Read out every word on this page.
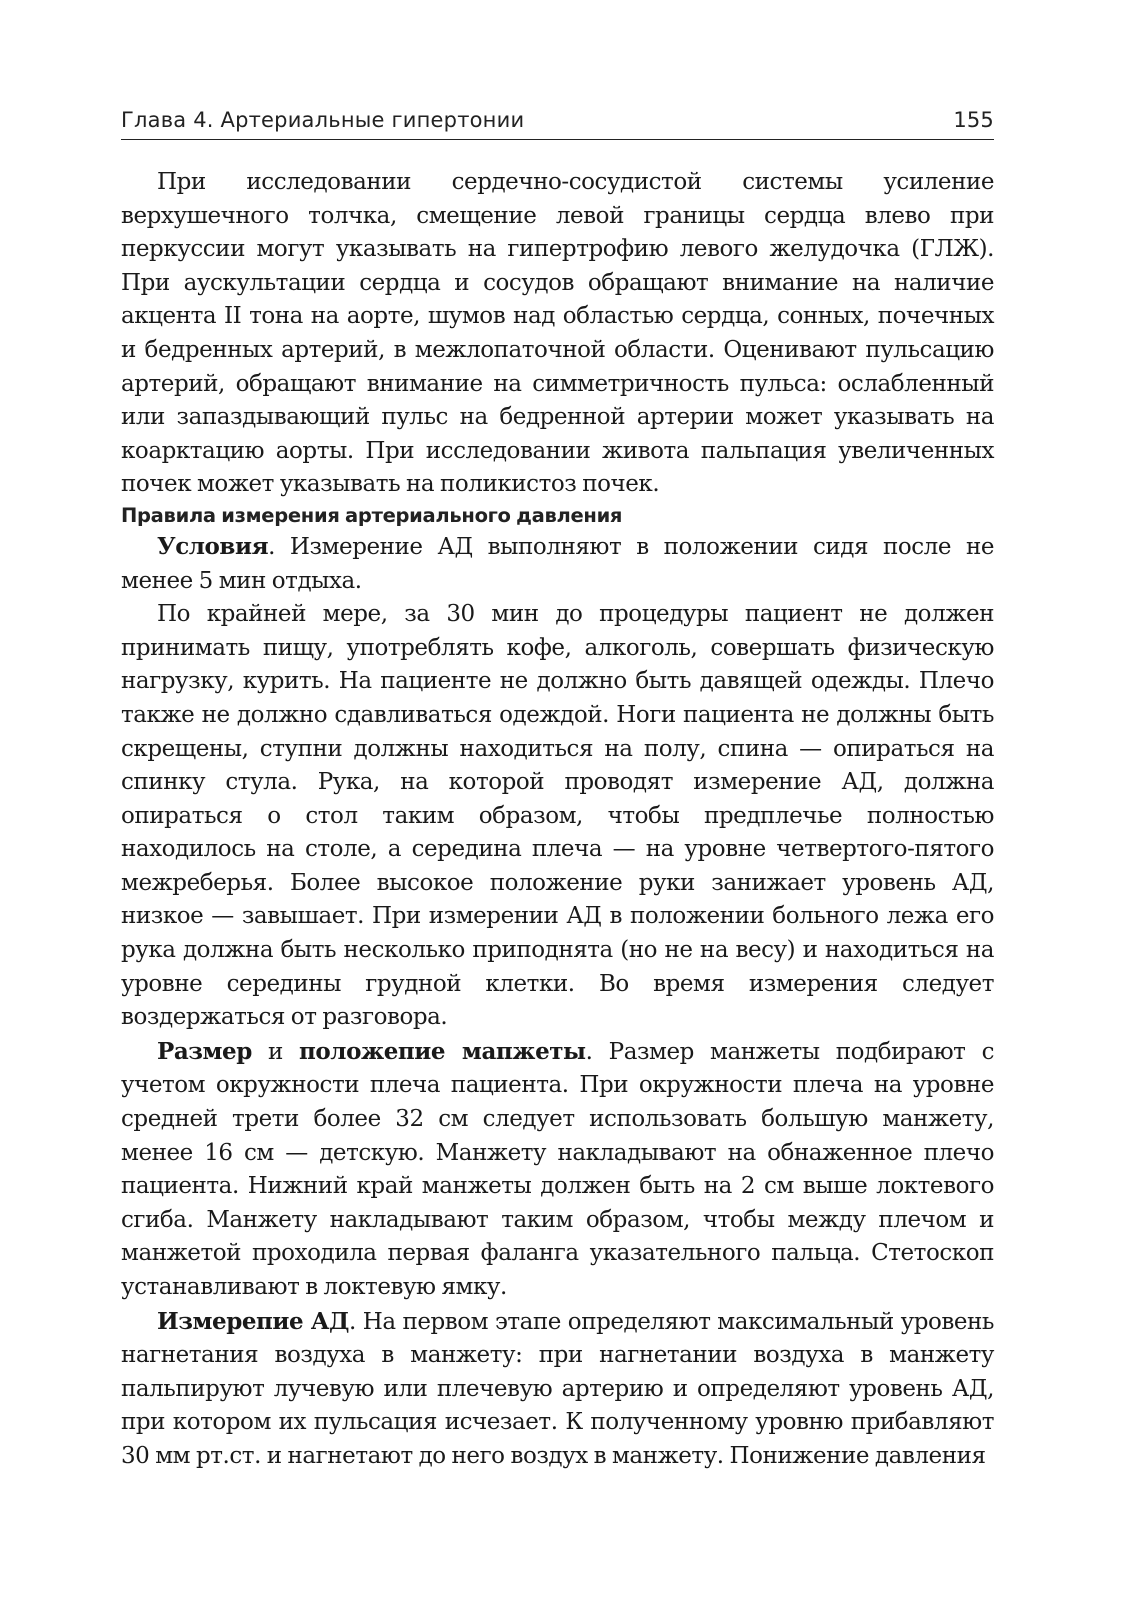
Глава 4. Артериальные гипертонии	155

При исследовании сердечно-сосудистой системы усиление верхушечного толчка, смещение левой границы сердца влево при перкуссии могут указывать на гипертрофию левого желудочка (ГЛЖ). При аускультации сердца и сосудов обращают внимание на наличие акцента II тона на аорте, шумов над областью сердца, сонных, почечных и бедренных артерий, в межлопаточной области. Оценивают пульсацию артерий, обращают внимание на симметричность пульса: ослабленный или запаздывающий пульс на бедренной артерии может указывать на коарктацию аорты. При исследовании живота пальпация увеличенных почек может указывать на поликистоз почек.

Правила измерения артериального давления

Условия. Измерение АД выполняют в положении сидя после не менее 5 мин отдыха.

По крайней мере, за 30 мин до процедуры пациент не должен принимать пищу, употреблять кофе, алкоголь, совершать физическую нагрузку, курить. На пациенте не должно быть давящей одежды. Плечо также не должно сдавливаться одеждой. Ноги пациента не должны быть скрещены, ступни должны находиться на полу, спина — опираться на спинку стула. Рука, на которой проводят измерение АД, должна опираться о стол таким образом, чтобы предплечье полностью находилось на столе, а середина плеча — на уровне четвертого-пятого межреберья. Более высокое положение руки занижает уровень АД, низкое — завышает. При измерении АД в положении больного лежа его рука должна быть несколько приподнята (но не на весу) и находиться на уровне середины грудной клетки. Во время измерения следует воздержаться от разговора.

Размер и положепие мапжеты. Размер манжеты подбирают с учетом окружности плеча пациента. При окружности плеча на уровне средней трети более 32 см следует использовать большую манжету, менее 16 см — детскую. Манжету накладывают на обнаженное плечо пациента. Нижний край манжеты должен быть на 2 см выше локтевого сгиба. Манжету накладывают таким образом, чтобы между плечом и манжетой проходила первая фаланга указательного пальца. Стетоскоп устанавливают в локтевую ямку.

Измерепие АД. На первом этапе определяют максимальный уровень нагнетания воздуха в манжету: при нагнетании воздуха в манжету пальпируют лучевую или плечевую артерию и определяют уровень АД, при котором их пульсация исчезает. К полученному уровню прибавляют 30 мм рт.ст. и нагнетают до него воздух в манжету. Понижение давления
